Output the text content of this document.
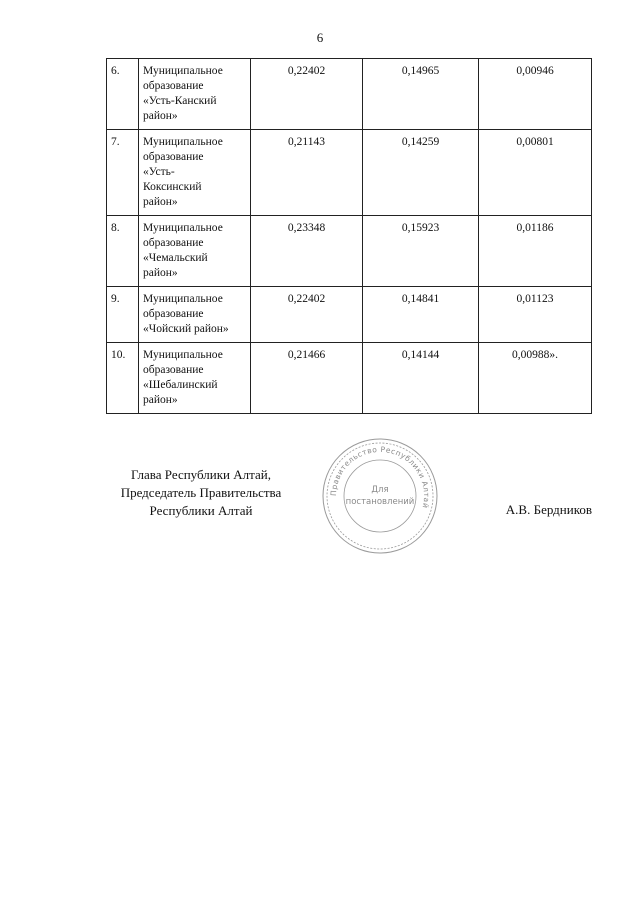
6
6.	Муниципальное
образование
«Усть-Канский
район»	0,22402	0,14965	0,00946
7.	Муниципальное
образование
«Усть-
Коксинский
район»	0,21143	0,14259	0,00801
8.	Муниципальное
образование
«Чемальский
район»	0,23348	0,15923	0,01186
9.	Муниципальное
образование
«Чойский район»	0,22402	0,14841	0,01123
10.	Муниципальное
образование
«Шебалинский
район»	0,21466	0,14144	0,00988».
Глава Республики Алтай,
Председатель Правительства
Республики Алтай
Правительство Республики Алтай
Для
постановлений	А.В. Бердников
